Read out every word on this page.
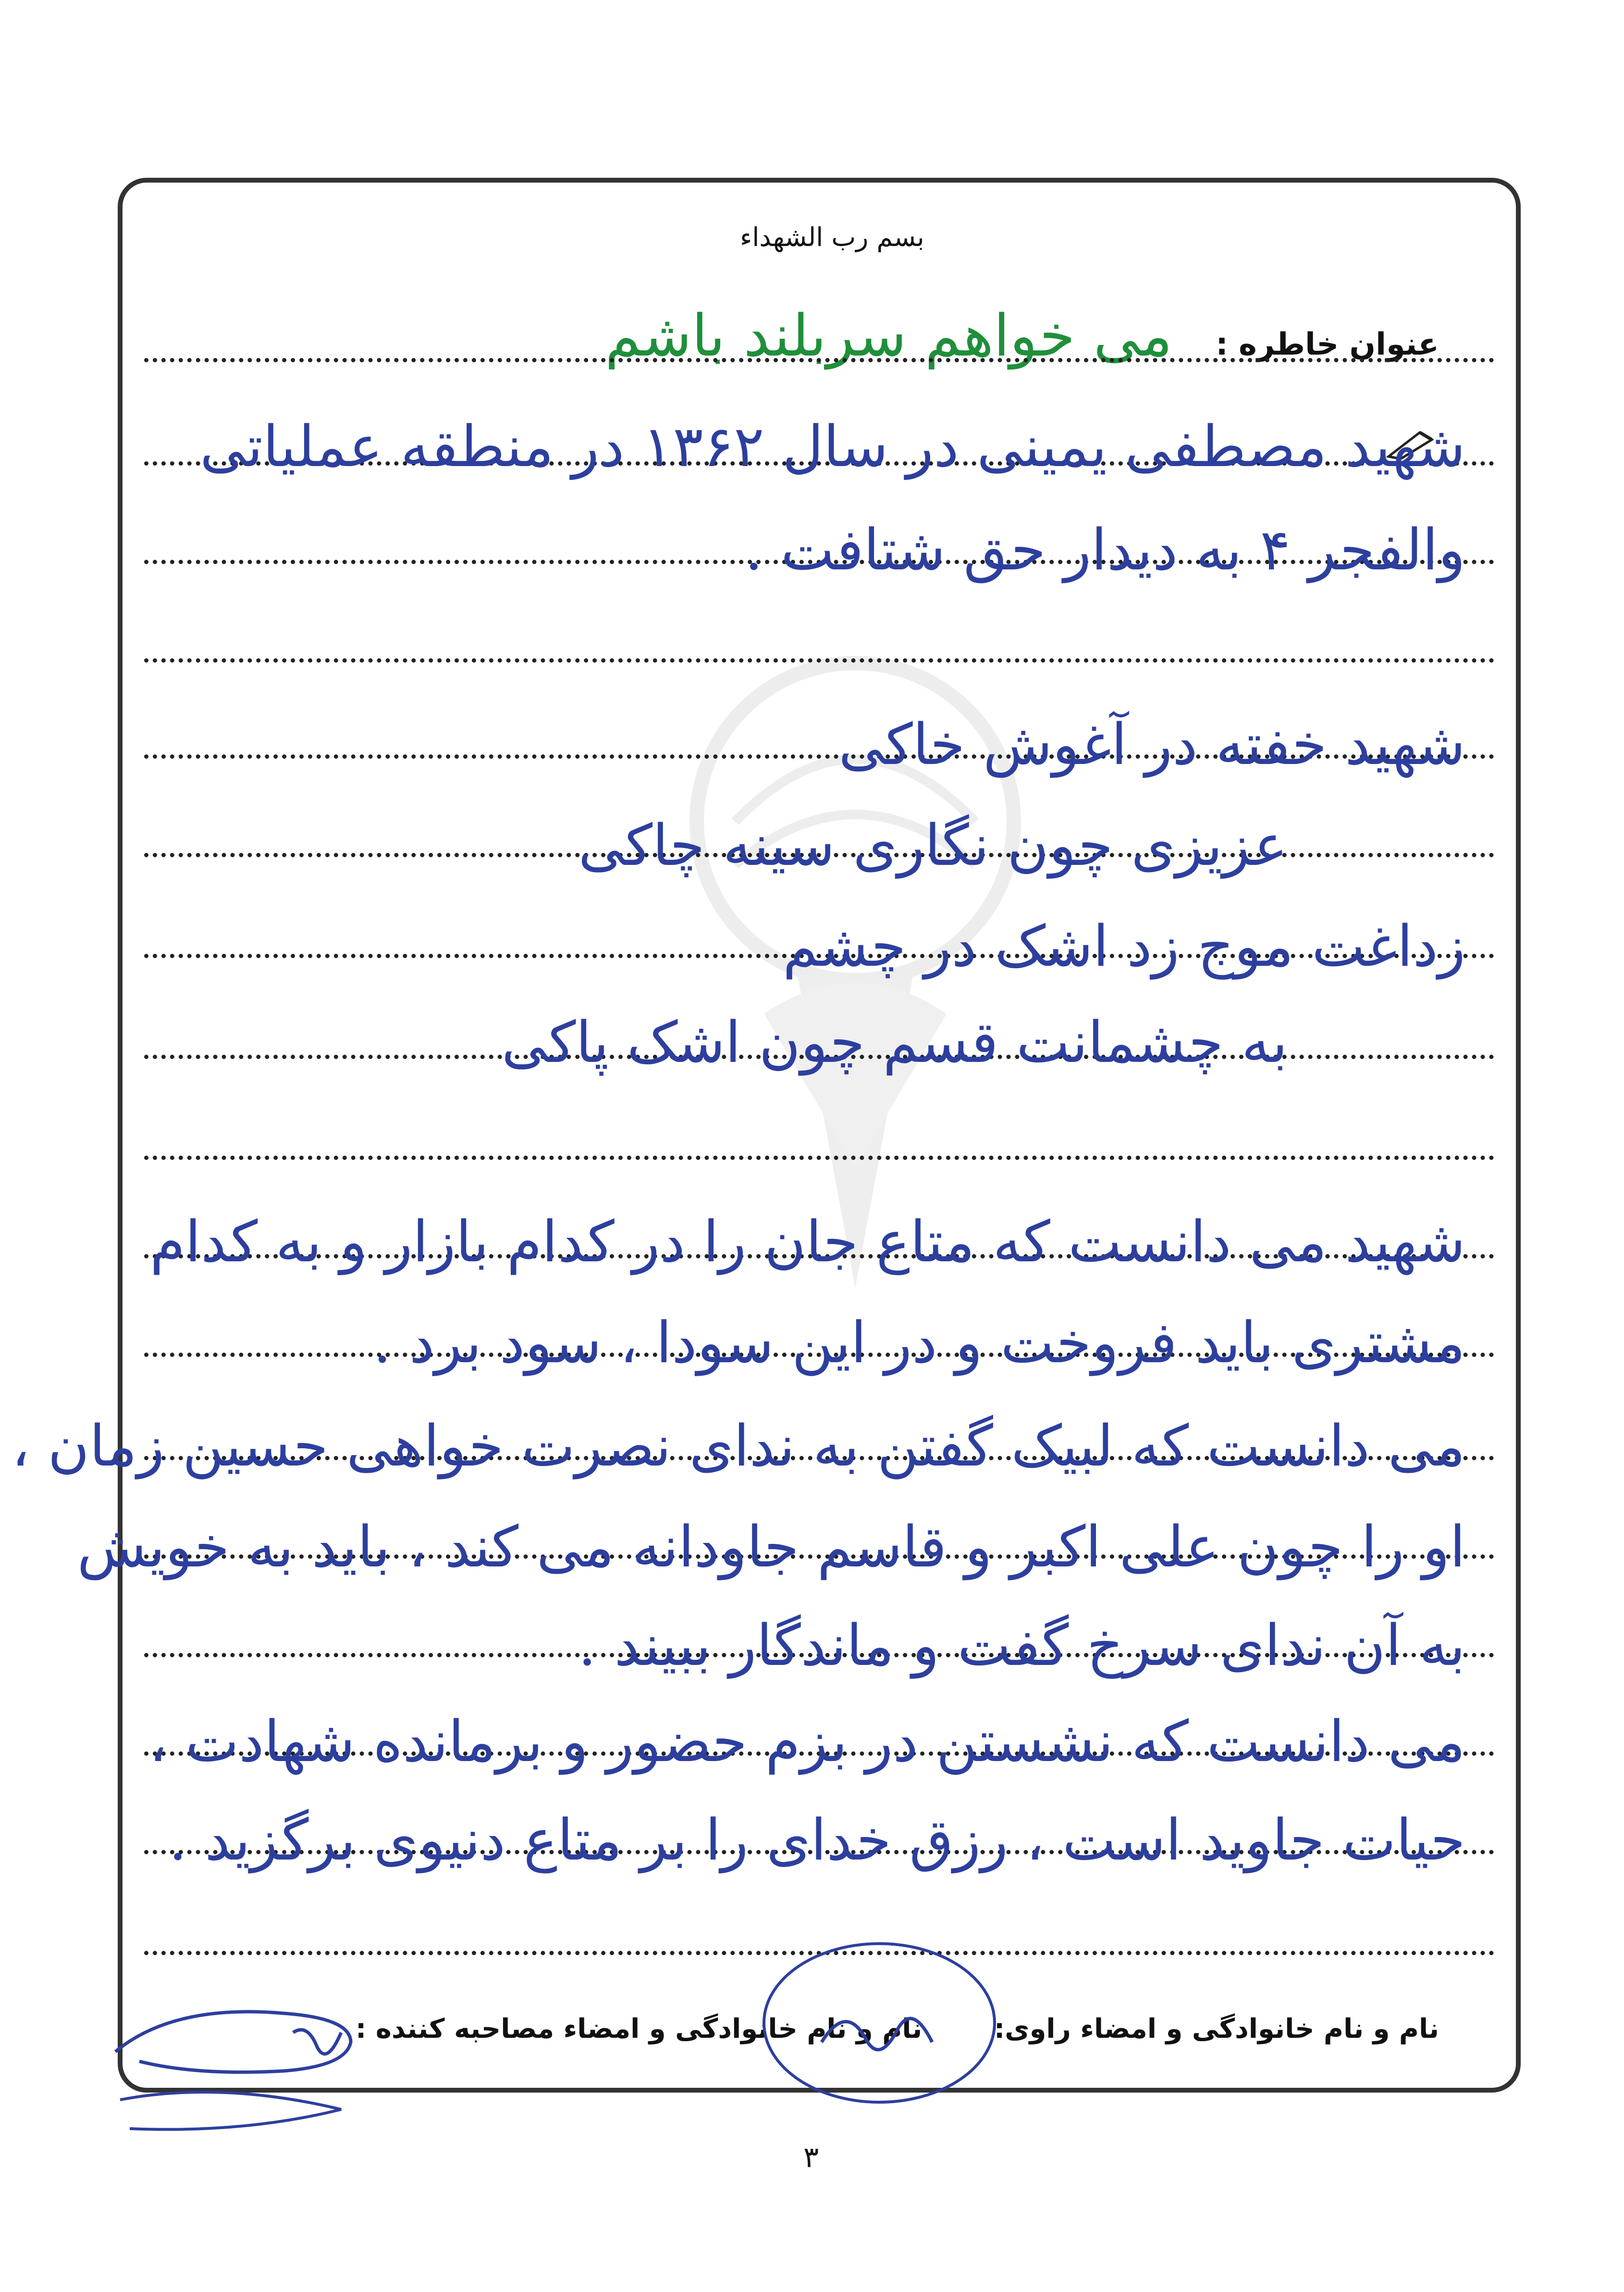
بسم رب الشهداء
عنوان خاطره :
می خواهم سربلند باشم
شهید مصطفی یمینی در سال ۱۳۶۲ در منطقه عملیاتی
والفجر ۴ به دیدار حق شتافت .
شهید خفته در آغوش خاکی
عزیزی چون نگاری سینه چاکی
زداغت موج زد اشک در چشم
به چشمانت قسم چون اشک پاکی
شهید می دانست که متاع جان را در کدام بازار و به کدام
مشتری باید فروخت و در این سودا ، سود برد .
می دانست که لبیک گفتن به ندای نصرت خواهی حسین زمان ،
او را چون علی اکبر و قاسم جاودانه می کند ، باید به خویش
به آن ندای سرخ گفت و ماندگار ببیند .
می دانست که نشستن در بزم حضور و برمانده شهادت ،
حیات جاوید است ، رزق خدای را بر متاع دنیوی برگزید .
نام و نام خانوادگی و امضاء راوی:
نام و نام خانوادگی و امضاء مصاحبه کننده :
۳
